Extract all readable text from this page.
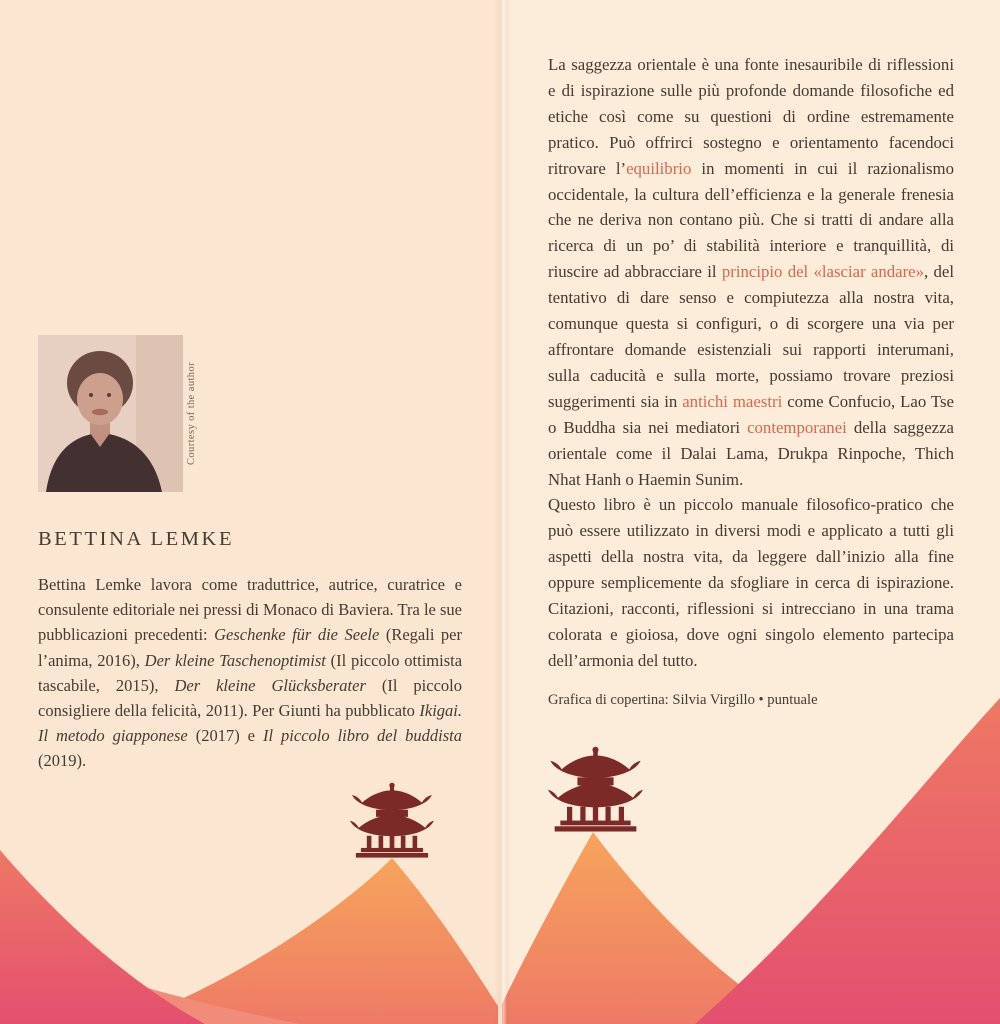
Courtesy of the author
BETTINA LEMKE

Bettina Lemke lavora come traduttrice, autrice, curatrice e consulente editoriale nei pressi di Monaco di Baviera. Tra le sue pubblicazioni precedenti: Geschenke für die Seele (Regali per l’anima, 2016), Der kleine Taschenoptimist (Il piccolo ottimista tascabile, 2015), Der kleine Glücksberater (Il piccolo consigliere della felicità, 2011). Per Giunti ha pubblicato Ikigai. Il metodo giapponese (2017) e Il piccolo libro del buddista (2019).

La saggezza orientale è una fonte inesauribile di riflessioni e di ispirazione sulle più profonde domande filosofiche ed etiche così come su questioni di ordine estremamente pratico. Può offrirci sostegno e orientamento facendoci ritrovare l’equilibrio in momenti in cui il razionalismo occidentale, la cultura dell’efficienza e la generale frenesia che ne deriva non contano più. Che si tratti di andare alla ricerca di un po’ di stabilità interiore e tranquillità, di riuscire ad abbracciare il principio del «lasciar andare», del tentativo di dare senso e compiutezza alla nostra vita, comunque questa si configuri, o di scorgere una via per affrontare domande esistenziali sui rapporti interumani, sulla caducità e sulla morte, possiamo trovare preziosi suggerimenti sia in antichi maestri come Confucio, Lao Tse o Buddha sia nei mediatori contemporanei della saggezza orientale come il Dalai Lama, Drukpa Rinpoche, Thich Nhat Hanh o Haemin Sunim.

Questo libro è un piccolo manuale filosofico-pratico che può essere utilizzato in diversi modi e applicato a tutti gli aspetti della nostra vita, da leggere dall’inizio alla fine oppure semplicemente da sfogliare in cerca di ispirazione. Citazioni, racconti, riflessioni si intrecciano in una trama colorata e gioiosa, dove ogni singolo elemento partecipa dell’armonia del tutto.

Grafica di copertina: Silvia Virgillo • puntuale
